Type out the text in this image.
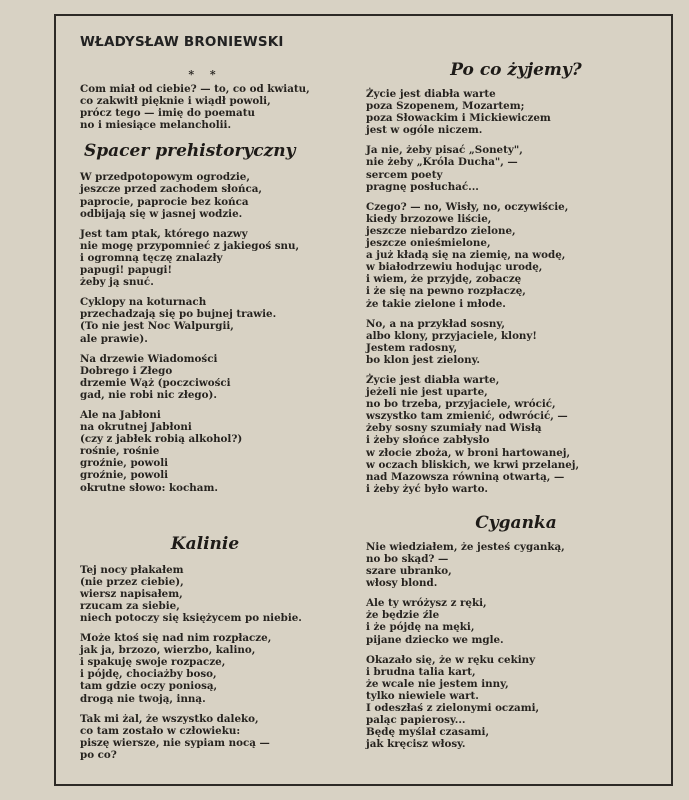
WŁADYSŁAW BRONIEWSKI
* *
Com miał od ciebie? — to, co od kwiatu,
co zakwitł pięknie i wiądł powoli,
prócz tego — imię do poematu
no i miesiące melancholii.
Spacer prehistoryczny
W przedpotopowym ogrodzie,
jeszcze przed zachodem słońca,
paprocie, paprocie bez końca
odbijają się w jasnej wodzie.
Jest tam ptak, którego nazwy
nie mogę przypomnieć z jakiegoś snu,
i ogromną tęczę znalazły
papugi! papugi!
żeby ją snuć.
Cyklopy na koturnach
przechadzają się po bujnej trawie.
(To nie jest Noc Walpurgii,
ale prawie).
Na drzewie Wiadomości
Dobrego i Złego
drzemie Wąż (poczciwości
gad, nie robi nic złego).
Ale na Jabłoni
na okrutnej Jabłoni
(czy z jabłek robią alkohol?)
rośnie, rośnie
groźnie, powoli
groźnie, powoli
okrutne słowo: kocham.
Kalinie
Tej nocy płakałem
(nie przez ciebie),
wiersz napisałem,
rzucam za siebie,
niech potoczy się księżycem po niebie.
Może ktoś się nad nim rozpłacze,
jak ja, brzozo, wierzbo, kalino,
i spakuję swoje rozpacze,
i pójdę, chociażby boso,
tam gdzie oczy poniosą,
drogą nie twoją, inną.
Tak mi żal, że wszystko daleko,
co tam zostało w człowieku:
piszę wiersze, nie sypiam nocą —
po co?
Po co żyjemy?
Życie jest diabła warte
poza Szopenem, Mozartem;
poza Słowackim i Mickiewiczem
jest w ogóle niczem.
Ja nie, żeby pisać „Sonety",
nie żeby „Króla Ducha", —
sercem poety
pragnę posłuchać...
Czego? — no, Wisły, no, oczywiście,
kiedy brzozowe liście,
jeszcze niebardzo zielone,
jeszcze onieśmielone,
a już kładą się na ziemię, na wodę,
w białodrzewiu hodując urodę,
i wiem, że przyjdę, zobaczę
i że się na pewno rozpłaczę,
że takie zielone i młode.
No, a na przykład sosny,
albo klony, przyjaciele, klony!
Jestem radosny,
bo klon jest zielony.
Życie jest diabła warte,
jeżeli nie jest uparte,
no bo trzeba, przyjaciele, wrócić,
wszystko tam zmienić, odwrócić, —
żeby sosny szumiały nad Wisłą
i żeby słońce zabłysło
w złocie zboża, w broni hartowanej,
w oczach bliskich, we krwi przelanej,
nad Mazowsza równiną otwartą, —
i żeby żyć było warto.
Cyganka
Nie wiedziałem, że jesteś cyganką,
no bo skąd? —
szare ubranko,
włosy blond.
Ale ty wróżysz z ręki,
że będzie źle
i że pójdę na męki,
pijane dziecko we mgle.
Okazało się, że w ręku cekiny
i brudna talia kart,
że wcale nie jestem inny,
tylko niewiele wart.
I odeszłaś z zielonymi oczami,
paląc papierosy...
Będę myślał czasami,
jak kręcisz włosy.
